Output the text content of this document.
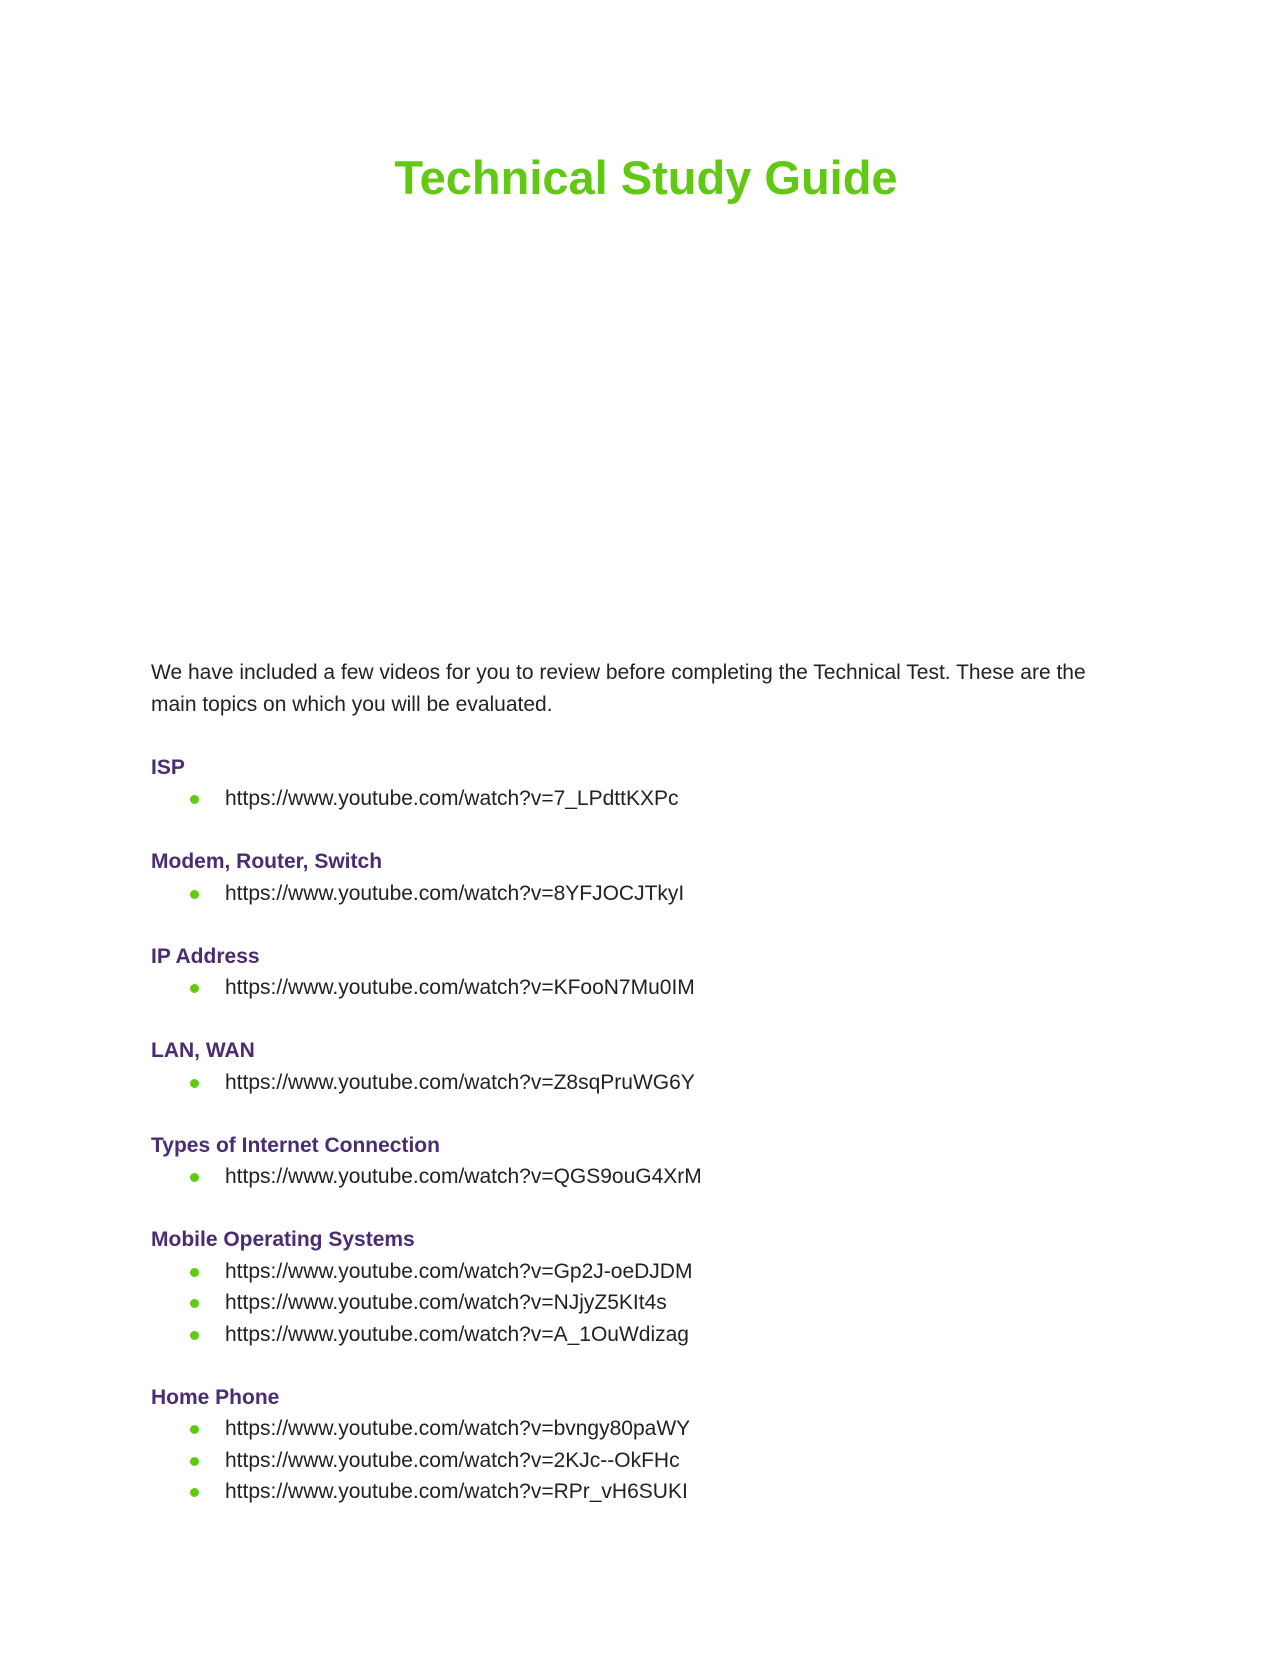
Technical Study Guide

We have included a few videos for you to review before completing the Technical Test. These are the main topics on which you will be evaluated.

ISP
https://www.youtube.com/watch?v=7_LPdttKXPc
Modem, Router, Switch
https://www.youtube.com/watch?v=8YFJOCJTkyI
IP Address
https://www.youtube.com/watch?v=KFooN7Mu0IM
LAN, WAN
https://www.youtube.com/watch?v=Z8sqPruWG6Y
Types of Internet Connection
https://www.youtube.com/watch?v=QGS9ouG4XrM
Mobile Operating Systems
https://www.youtube.com/watch?v=Gp2J-oeDJDM
https://www.youtube.com/watch?v=NJjyZ5KIt4s
https://www.youtube.com/watch?v=A_1OuWdizag
Home Phone
https://www.youtube.com/watch?v=bvngy80paWY
https://www.youtube.com/watch?v=2KJc--OkFHc
https://www.youtube.com/watch?v=RPr_vH6SUKI
